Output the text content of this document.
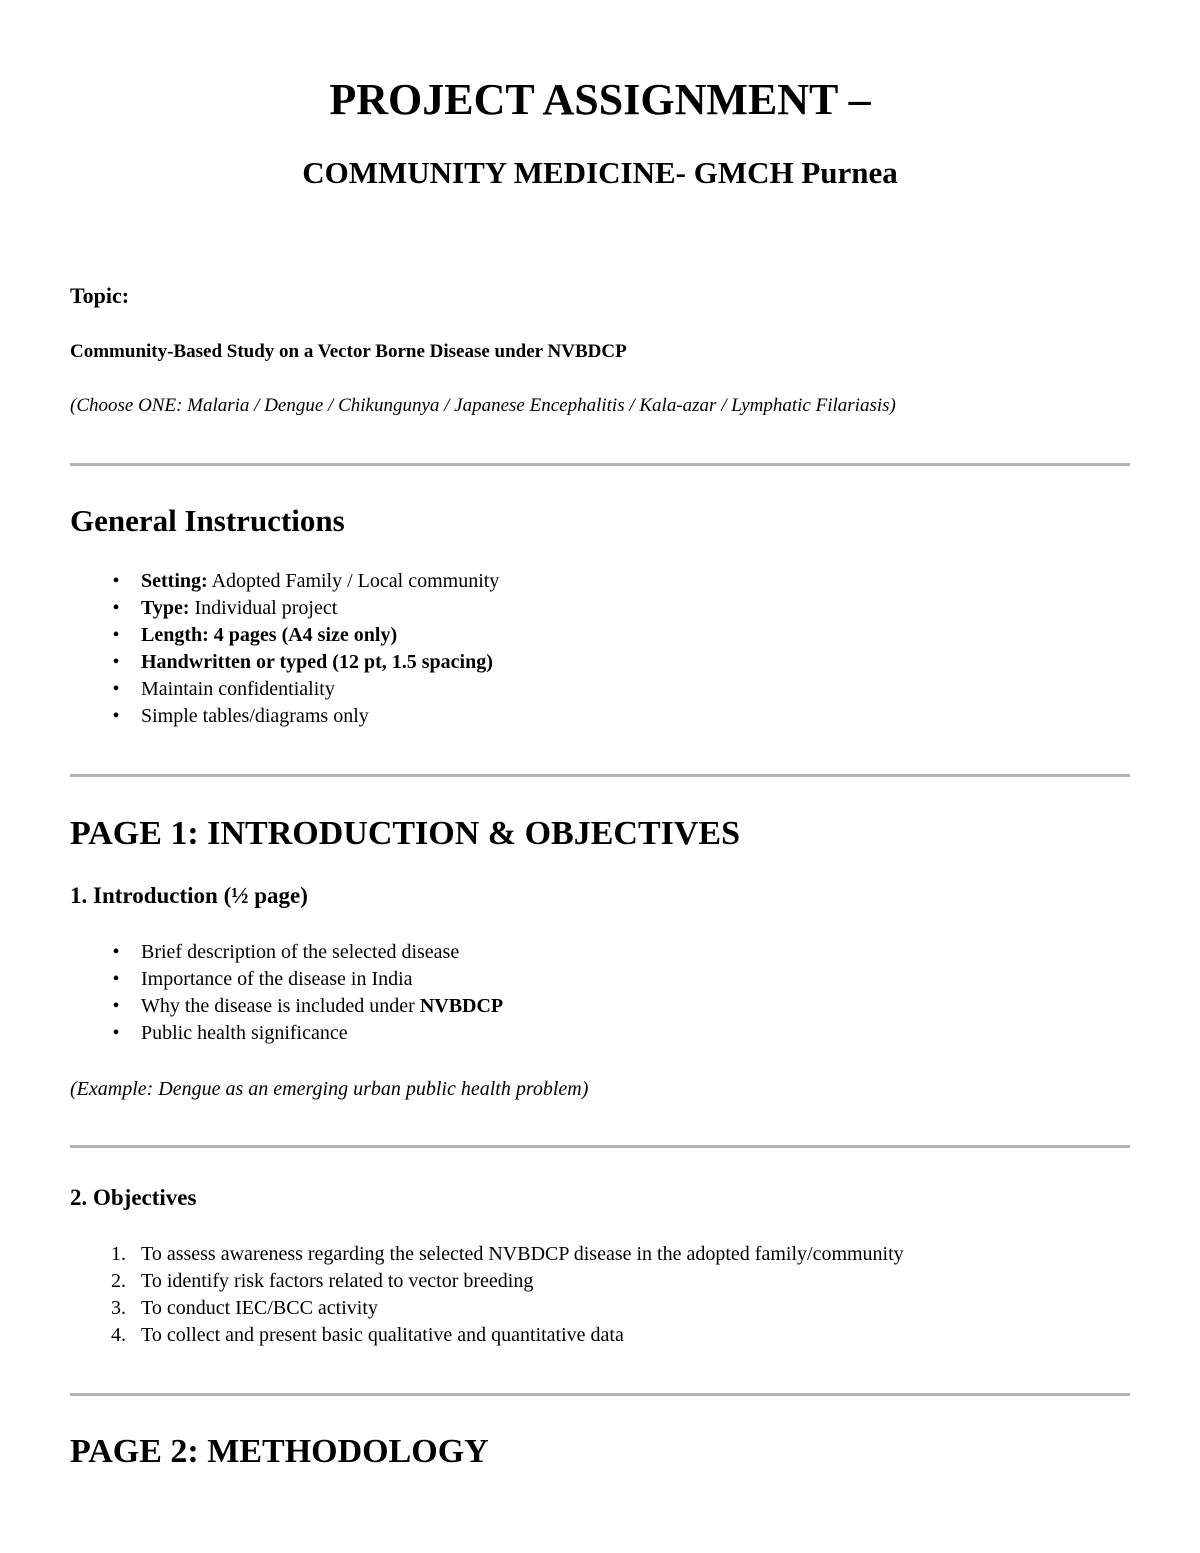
PROJECT ASSIGNMENT –
COMMUNITY MEDICINE- GMCH Purnea

Topic:

Community-Based Study on a Vector Borne Disease under NVBDCP

(Choose ONE: Malaria / Dengue / Chikungunya / Japanese Encephalitis / Kala-azar / Lymphatic Filariasis)

General Instructions
•	Setting: Adopted Family / Local community
•	Type: Individual project
•	Length: 4 pages (A4 size only)
•	Handwritten or typed (12 pt, 1.5 spacing)
•	Maintain confidentiality
•	Simple tables/diagrams only
PAGE 1: INTRODUCTION & OBJECTIVES
1. Introduction (½ page)
•	Brief description of the selected disease
•	Importance of the disease in India
•	Why the disease is included under NVBDCP
•	Public health significance

(Example: Dengue as an emerging urban public health problem)

2. Objectives
1. To assess awareness regarding the selected NVBDCP disease in the adopted family/community
2. To identify risk factors related to vector breeding
3. To conduct IEC/BCC activity
4. To collect and present basic qualitative and quantitative data
PAGE 2: METHODOLOGY
